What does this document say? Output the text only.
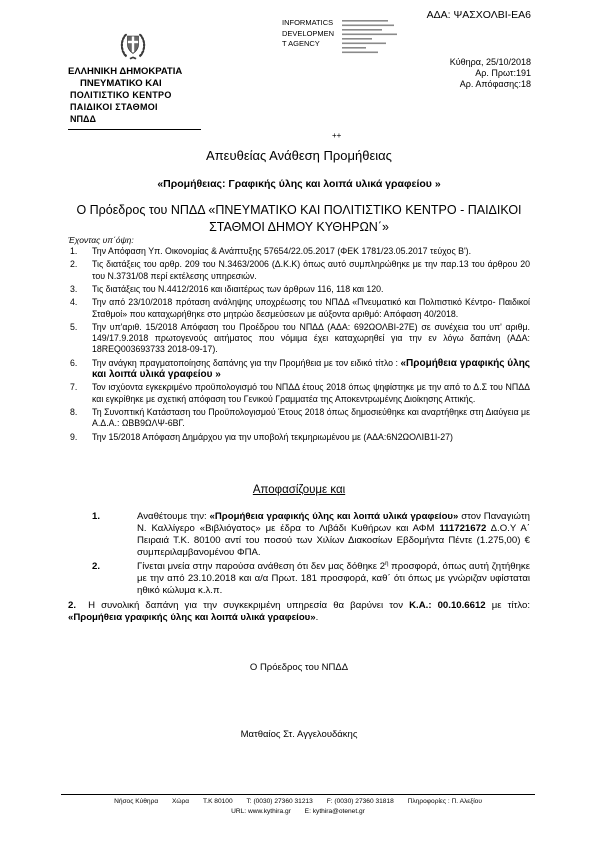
ΑΔΑ: ΨΑΣΧΟΛΒΙ-ΕΑ6
ΕΛΛΗΝΙΚΗ ΔΗΜΟΚΡΑΤΙΑ
ΠΝΕΥΜΑΤΙΚΟ ΚΑΙ
ΠΟΛΙΤΙΣΤΙΚΟ ΚΕΝΤΡΟ
ΠΑΙΔΙΚΟΙ ΣΤΑΘΜΟΙ
ΝΠΔΔ
INFORMATICS
DEVELOPMEN
T AGENCY
++
Κύθηρα, 25/10/2018
Αρ. Πρωτ:191
Αρ. Απόφασης:18
Απευθείας Ανάθεση Προμήθειας
«Προμήθειας: Γραφικής ύλης και λοιπά υλικά γραφείου »
Ο Πρόεδρος του ΝΠΔΔ «ΠΝΕΥΜΑΤΙΚΟ ΚΑΙ ΠΟΛΙΤΙΣΤΙΚΟ ΚΕΝΤΡΟ - ΠΑΙΔΙΚΟΙ
ΣΤΑΘΜΟΙ ΔΗΜΟΥ ΚΥΘΗΡΩΝ΄»
Έχοντας υπ΄όψη:
1.	Την Απόφαση Υπ. Οικονομίας & Ανάπτυξης 57654/22.05.2017 (ΦΕΚ 1781/23.05.2017 τεύχος Β').
2.	Τις διατάξεις του αρθρ. 209 του Ν.3463/2006 (Δ.Κ.Κ) όπως αυτό συμπληρώθηκε με την παρ.13 του άρθρου 20 του Ν.3731/08 περί εκτέλεσης υπηρεσιών.
3.	Τις διατάξεις του Ν.4412/2016 και ιδιαιτέρως των άρθρων 116, 118 και 120.
4.	Την από 23/10/2018 πρόταση ανάληψης υποχρέωσης του ΝΠΔΔ «Πνευματικό και Πολιτιστικό Κέντρο- Παιδικοί Σταθμοί» που καταχωρήθηκε στο μητρώο δεσμεύσεων με αύξοντα αριθμό: Απόφαση 40/2018.
5.	Την υπ'αριθ. 15/2018 Απόφαση του Προέδρου του ΝΠΔΔ (ΑΔΑ: 692ΩΟΛΒΙ-27Ε) σε συνέχεια του υπ' αριθμ. 149/17.9.2018 πρωτογενούς αιτήματος που νόμιμα έχει καταχωρηθεί για την εν λόγω δαπάνη (ΑΔΑ: 18REQ003693733 2018-09-17).
6.	Την ανάγκη πραγματοποίησης δαπάνης για την Προμήθεια με τον ειδικό τίτλο : «Προμήθεια γραφικής ύλης και λοιπά υλικά γραφείου »
7.	Τον ισχύοντα εγκεκριμένο προϋπολογισμό του ΝΠΔΔ έτους 2018 όπως ψηφίστηκε με την από το Δ.Σ του ΝΠΔΔ και εγκρίθηκε με σχετική απόφαση του Γενικού Γραμματέα της Αποκεντρωμένης Διοίκησης Αττικής.
8.	Τη Συνοπτική Κατάσταση του Προϋπολογισμού Έτους 2018 όπως δημοσιεύθηκε και αναρτήθηκε στη Διαύγεια με Α.Δ.Α.: ΩΒΒ9ΩΛΨ-6ΒΓ.
9.	Την 15/2018 Απόφαση Δημάρχου για την υποβολή τεκμηριωμένου με (ΑΔΑ:6Ν2ΩΟΛΙΒ1Ι-27)
Αποφασίζουμε και
1.	Αναθέτουμε την: «Προμήθεια γραφικής ύλης και λοιπά υλικά γραφείου» στον Παναγιώτη Ν. Καλλίγερο «Βιβλιόγατος» με έδρα το Λιβάδι Κυθήρων και ΑΦΜ 111721672 Δ.Ο.Υ Α΄ Πειραιά Τ.Κ. 80100 αντί του ποσού των Χιλίων Διακοσίων Εβδομήντα Πέντε (1.275,00) € συμπεριλαμβανομένου ΦΠΑ.
2.	Γίνεται μνεία στην παρούσα ανάθεση ότι δεν μας δόθηκε $2^\eta$ προσφορά, όπως αυτή ζητήθηκε με την από 23.10.2018 και α/α Πρωτ. 181 προσφορά, καθ΄ ότι όπως με γνώριζαν υφίσταται ηθικό κώλυμα κ.λ.π.
2. Η συνολική δαπάνη για την συγκεκριμένη υπηρεσία θα βαρύνει τον Κ.Α.: 00.10.6612 με τίτλο: «Προμήθεια γραφικής ύλης και λοιπά υλικά γραφείου».
Ο Πρόεδρος του ΝΠΔΔ
Ματθαίος Στ. Αγγελουδάκης
Νήσος Κύθηρα Χώρα Τ.Κ 80100 T: (0030) 27360 31213 F: (0030) 27360 31818 Πληροφορίες : Π. Αλεξίου
URL: www.kythira.gr E: kythira@otenet.gr
